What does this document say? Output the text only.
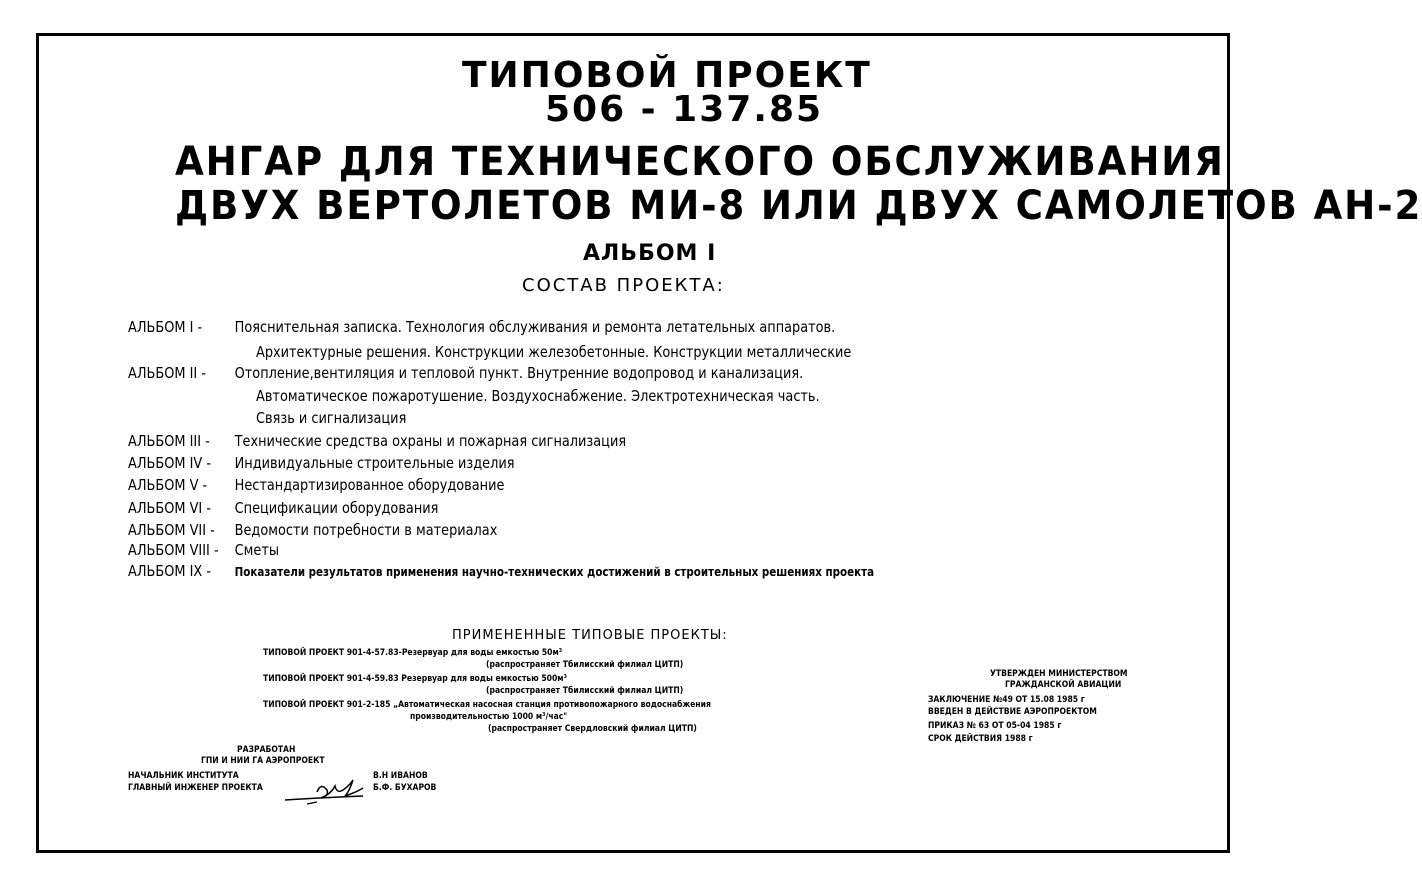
ТИПОВОЙ ПРОЕКТ
506 - 137.85
АНГАР ДЛЯ ТЕХНИЧЕСКОГО ОБСЛУЖИВАНИЯ
ДВУХ ВЕРТОЛЕТОВ МИ-8 ИЛИ ДВУХ САМОЛЕТОВ АН-2
АЛЬБОМ I
СОСТАВ ПРОЕКТА:
АЛЬБОМ I - Пояснительная записка. Технология обслуживания и ремонта летательных аппаратов.
Архитектурные решения. Конструкции железобетонные. Конструкции металлические
АЛЬБОМ II - Отопление,вентиляция и тепловой пункт. Внутренние водопровод и канализация.
Автоматическое пожаротушение. Воздухоснабжение. Электротехническая часть.
Связь и сигнализация
АЛЬБОМ III - Технические средства охраны и пожарная сигнализация
АЛЬБОМ IV - Индивидуальные строительные изделия
АЛЬБОМ V - Нестандартизированное оборудование
АЛЬБОМ VI - Спецификации оборудования
АЛЬБОМ VII - Ведомости потребности в материалах
АЛЬБОМ VIII - Сметы
АЛЬБОМ IX - Показатели результатов применения научно-технических достижений в строительных решениях проекта
ПРИМЕНЕННЫЕ ТИПОВЫЕ ПРОЕКТЫ:
ТИПОВОЙ ПРОЕКТ 901-4-57.83-Резервуар для воды емкостью 50м³
(распространяет Тбилисский филиал ЦИТП)
ТИПОВОЙ ПРОЕКТ 901-4-59.83 Резервуар для воды емкостью 500м³
(распространяет Тбилисский филиал ЦИТП)
ТИПОВОЙ ПРОЕКТ 901-2-185 „Автоматическая насосная станция противопожарного водоснабжения
производительностью 1000 м³/час"
(распространяет Свердловский филиал ЦИТП)
УТВЕРЖДЕН МИНИСТЕРСТВОМ
ГРАЖДАНСКОЙ АВИАЦИИ
ЗАКЛЮЧЕНИЕ №49 ОТ 15.08 1985 г
ВВЕДЕН В ДЕЙСТВИЕ АЭРОПРОЕКТОМ
ПРИКАЗ № 63 ОТ 05-04 1985 г
СРОК ДЕЙСТВИЯ 1988 г
РАЗРАБОТАН
ГПИ И НИИ ГА АЭРОПРОЕКТ
НАЧАЛЬНИК ИНСТИТУТА
ГЛАВНЫЙ ИНЖЕНЕР ПРОЕКТА
В.Н ИВАНОВ
Б.Ф. БУХАРОВ
